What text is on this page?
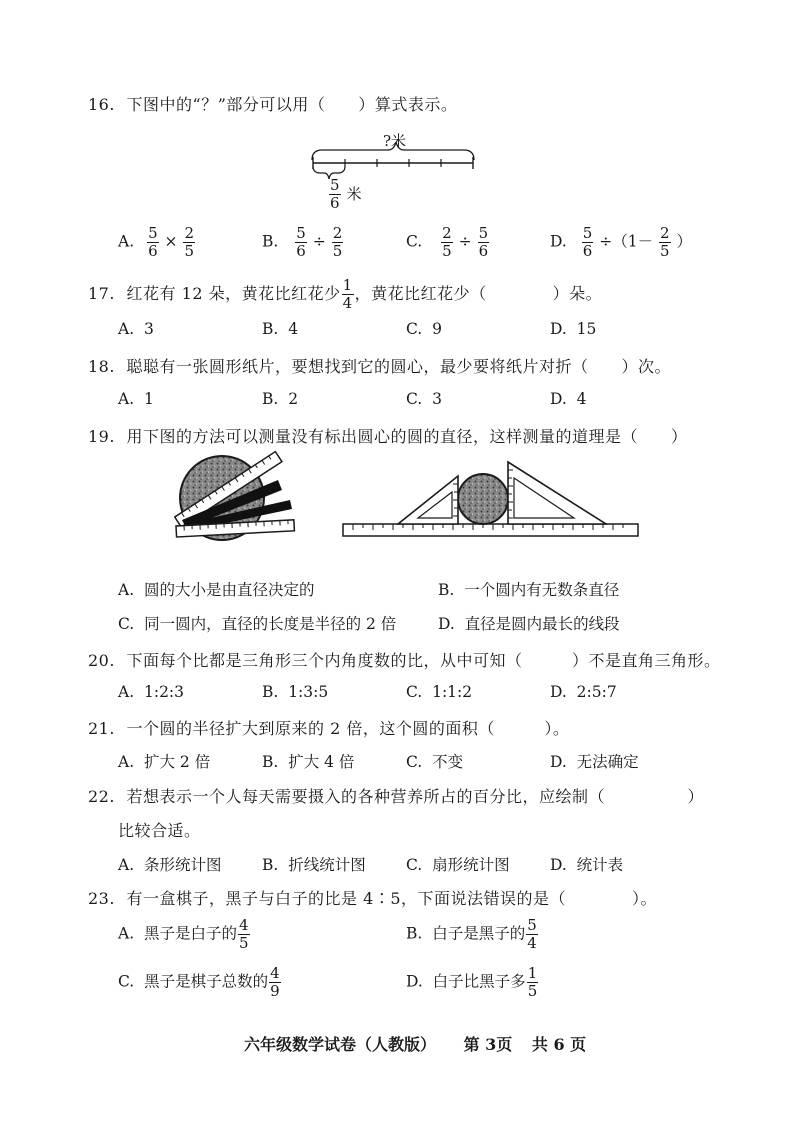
16. 下图中的“？”部分可以用（　　）算式表示。
?米
$\frac{5}{6}$ 米
A. $\frac{5}{6} \times \frac{2}{5}$	B. $\frac{5}{6} \div \frac{2}{5}$	C. $\frac{2}{5} \div \frac{5}{6}$	D. $\frac{5}{6} \div(1- \frac{2}{5}$ ）
17. 红花有 12 朵，黄花比红花少 $\frac{1}{4}$ ，黄花比红花少（　　　　）朵。
A. 3	B. 4	C. 9	D. 15
18. 聪聪有一张圆形纸片，要想找到它的圆心，最少要将纸片对折（　　）次。
A. 1	B. 2	C. 3	D. 4
19. 用下图的方法可以测量没有标出圆心的圆的直径，这样测量的道理是（　　）
A. 圆的大小是由直径决定的	B. 一个圆内有无数条直径
C. 同一圆内，直径的长度是半径的 2 倍	D. 直径是圆内最长的线段
20. 下面每个比都是三角形三个内角度数的比，从中可知（　　　）不是直角三角形。
A. 1:2:3	B. 1:3:5	C. 1:1:2	D. 2:5:7
21. 一个圆的半径扩大到原来的 2 倍，这个圆的面积（　　　）。
A. 扩大 2 倍	B. 扩大 4 倍	C. 不变	D. 无法确定
22. 若想表示一个人每天需要摄入的各种营养所占的百分比，应绘制（　　　　　）
比较合适。
A. 条形统计图	B. 折线统计图	C. 扇形统计图	D. 统计表
23. 有一盒棋子，黑子与白子的比是 4∶5，下面说法错误的是（　　　　）。
A. 黑子是白子的 $\frac{4}{5}$	B. 白子是黑子的 $\frac{5}{4}$
C. 黑子是棋子总数的 $\frac{4}{9}$	D. 白子比黑子多 $\frac{1}{5}$
六年级数学试卷（人教版） 第 3页 共 6 页
